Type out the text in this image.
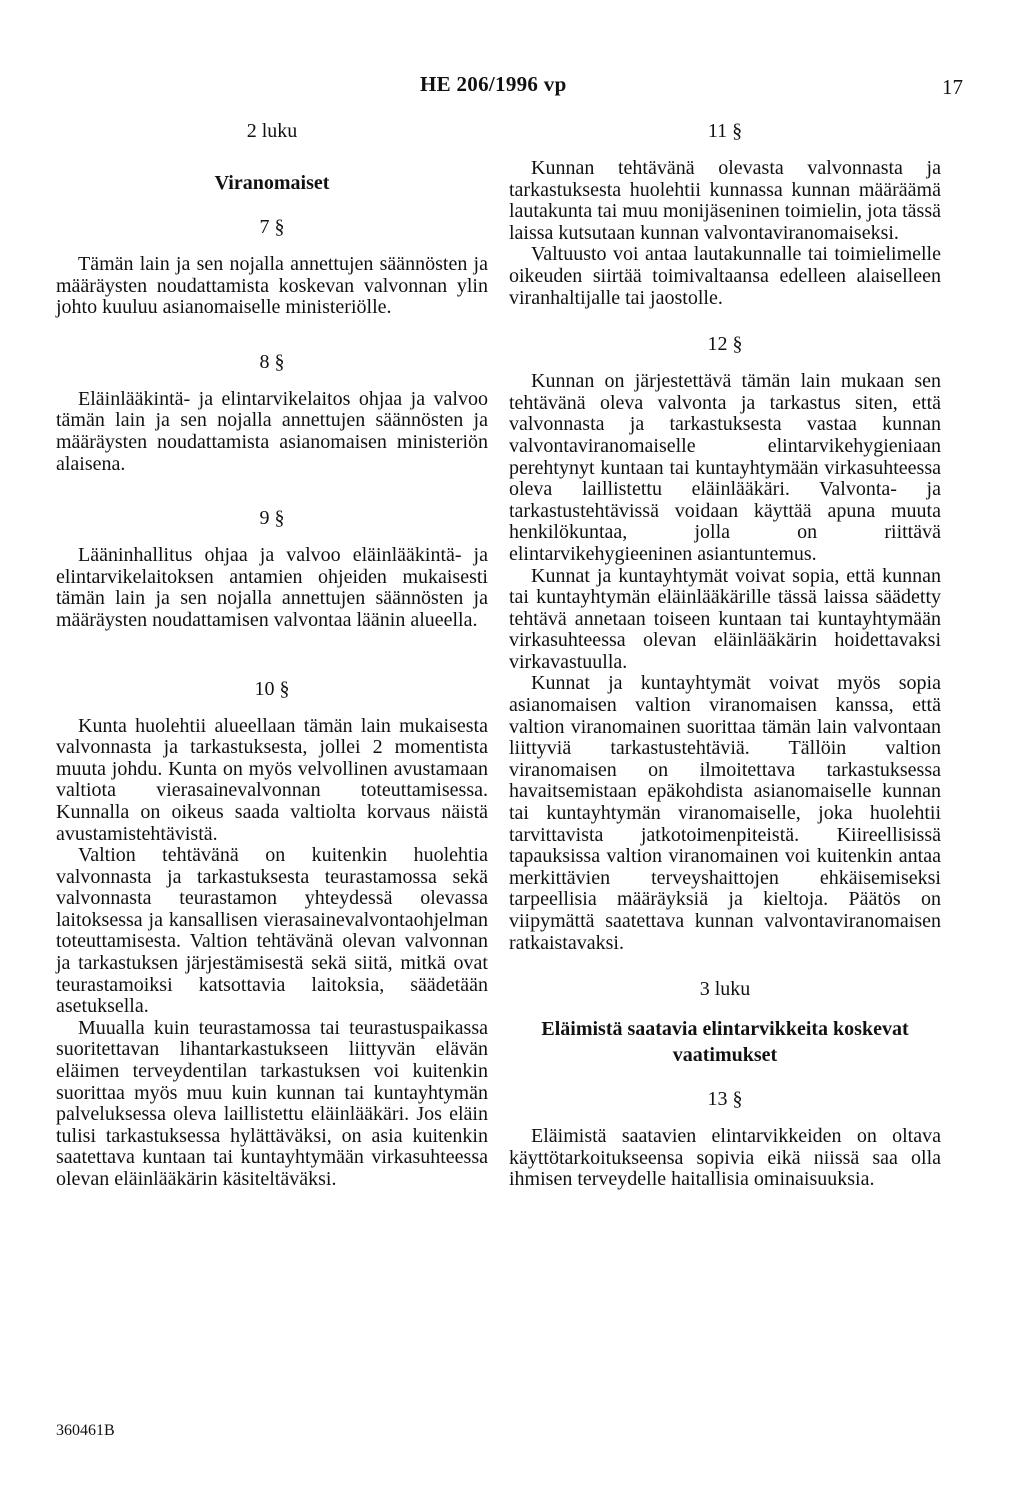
HE 206/1996 vp	17
2 luku
Viranomaiset
7 §

Tämän lain ja sen nojalla annettujen säännösten ja määräysten noudattamista koskevan valvonnan ylin johto kuuluu asianomaiselle ministeriölle.

8 §

Eläinlääkintä- ja elintarvikelaitos ohjaa ja valvoo tämän lain ja sen nojalla annettujen säännösten ja määräysten noudattamista asianomaisen ministeriön alaisena.

9 §

Lääninhallitus ohjaa ja valvoo eläinlääkintä- ja elintarvikelaitoksen antamien ohjeiden mukaisesti tämän lain ja sen nojalla annettujen säännösten ja määräysten noudattamisen valvontaa läänin alueella.

10 §

Kunta huolehtii alueellaan tämän lain mukaisesta valvonnasta ja tarkastuksesta, jollei 2 momentista muuta johdu. Kunta on myös velvollinen avustamaan valtiota vierasainevalvonnan toteuttamisessa. Kunnalla on oikeus saada valtiolta korvaus näistä avustamistehtävistä.

Valtion tehtävänä on kuitenkin huolehtia valvonnasta ja tarkastuksesta teurastamossa sekä valvonnasta teurastamon yhteydessä olevassa laitoksessa ja kansallisen vierasainevalvontaohjelman toteuttamisesta. Valtion tehtävänä olevan valvonnan ja tarkastuksen järjestämisestä sekä siitä, mitkä ovat teurastamoiksi katsottavia laitoksia, säädetään asetuksella.

Muualla kuin teurastamossa tai teurastuspaikassa suoritettavan lihantarkastukseen liittyvän elävän eläimen terveydentilan tarkastuksen voi kuitenkin suorittaa myös muu kuin kunnan tai kuntayhtymän palveluksessa oleva laillistettu eläinlääkäri. Jos eläin tulisi tarkastuksessa hylättäväksi, on asia kuitenkin saatettava kuntaan tai kuntayhtymään virkasuhteessa olevan eläinlääkärin käsiteltäväksi.

11 §

Kunnan tehtävänä olevasta valvonnasta ja tarkastuksesta huolehtii kunnassa kunnan määräämä lautakunta tai muu monijäseninen toimielin, jota tässä laissa kutsutaan kunnan valvontaviranomaiseksi.

Valtuusto voi antaa lautakunnalle tai toimielimelle oikeuden siirtää toimivaltaansa edelleen alaiselleen viranhaltijalle tai jaostolle.

12 §

Kunnan on järjestettävä tämän lain mukaan sen tehtävänä oleva valvonta ja tarkastus siten, että valvonnasta ja tarkastuksesta vastaa kunnan valvontaviranomaiselle elintarvikehygieniaan perehtynyt kuntaan tai kuntayhtymään virkasuhteessa oleva laillistettu eläinlääkäri. Valvonta- ja tarkastustehtävissä voidaan käyttää apuna muuta henkilökuntaa, jolla on riittävä elintarvikehygieeninen asiantuntemus.

Kunnat ja kuntayhtymät voivat sopia, että kunnan tai kuntayhtymän eläinlääkärille tässä laissa säädetty tehtävä annetaan toiseen kuntaan tai kuntayhtymään virkasuhteessa olevan eläinlääkärin hoidettavaksi virkavastuulla.

Kunnat ja kuntayhtymät voivat myös sopia asianomaisen valtion viranomaisen kanssa, että valtion viranomainen suorittaa tämän lain valvontaan liittyviä tarkastustehtäviä. Tällöin valtion viranomaisen on ilmoitettava tarkastuksessa havaitsemistaan epäkohdista asianomaiselle kunnan tai kuntayhtymän viranomaiselle, joka huolehtii tarvittavista jatkotoimenpiteistä. Kiireellisissä tapauksissa valtion viranomainen voi kuitenkin antaa merkittävien terveyshaittojen ehkäisemiseksi tarpeellisia määräyksiä ja kieltoja. Päätös on viipymättä saatettava kunnan valvontaviranomaisen ratkaistavaksi.

3 luku
Eläimistä saatavia elintarvikkeita koskevat vaatimukset
13 §

Eläimistä saatavien elintarvikkeiden on oltava käyttötarkoitukseensa sopivia eikä niissä saa olla ihmisen terveydelle haitallisia ominaisuuksia.

360461B
